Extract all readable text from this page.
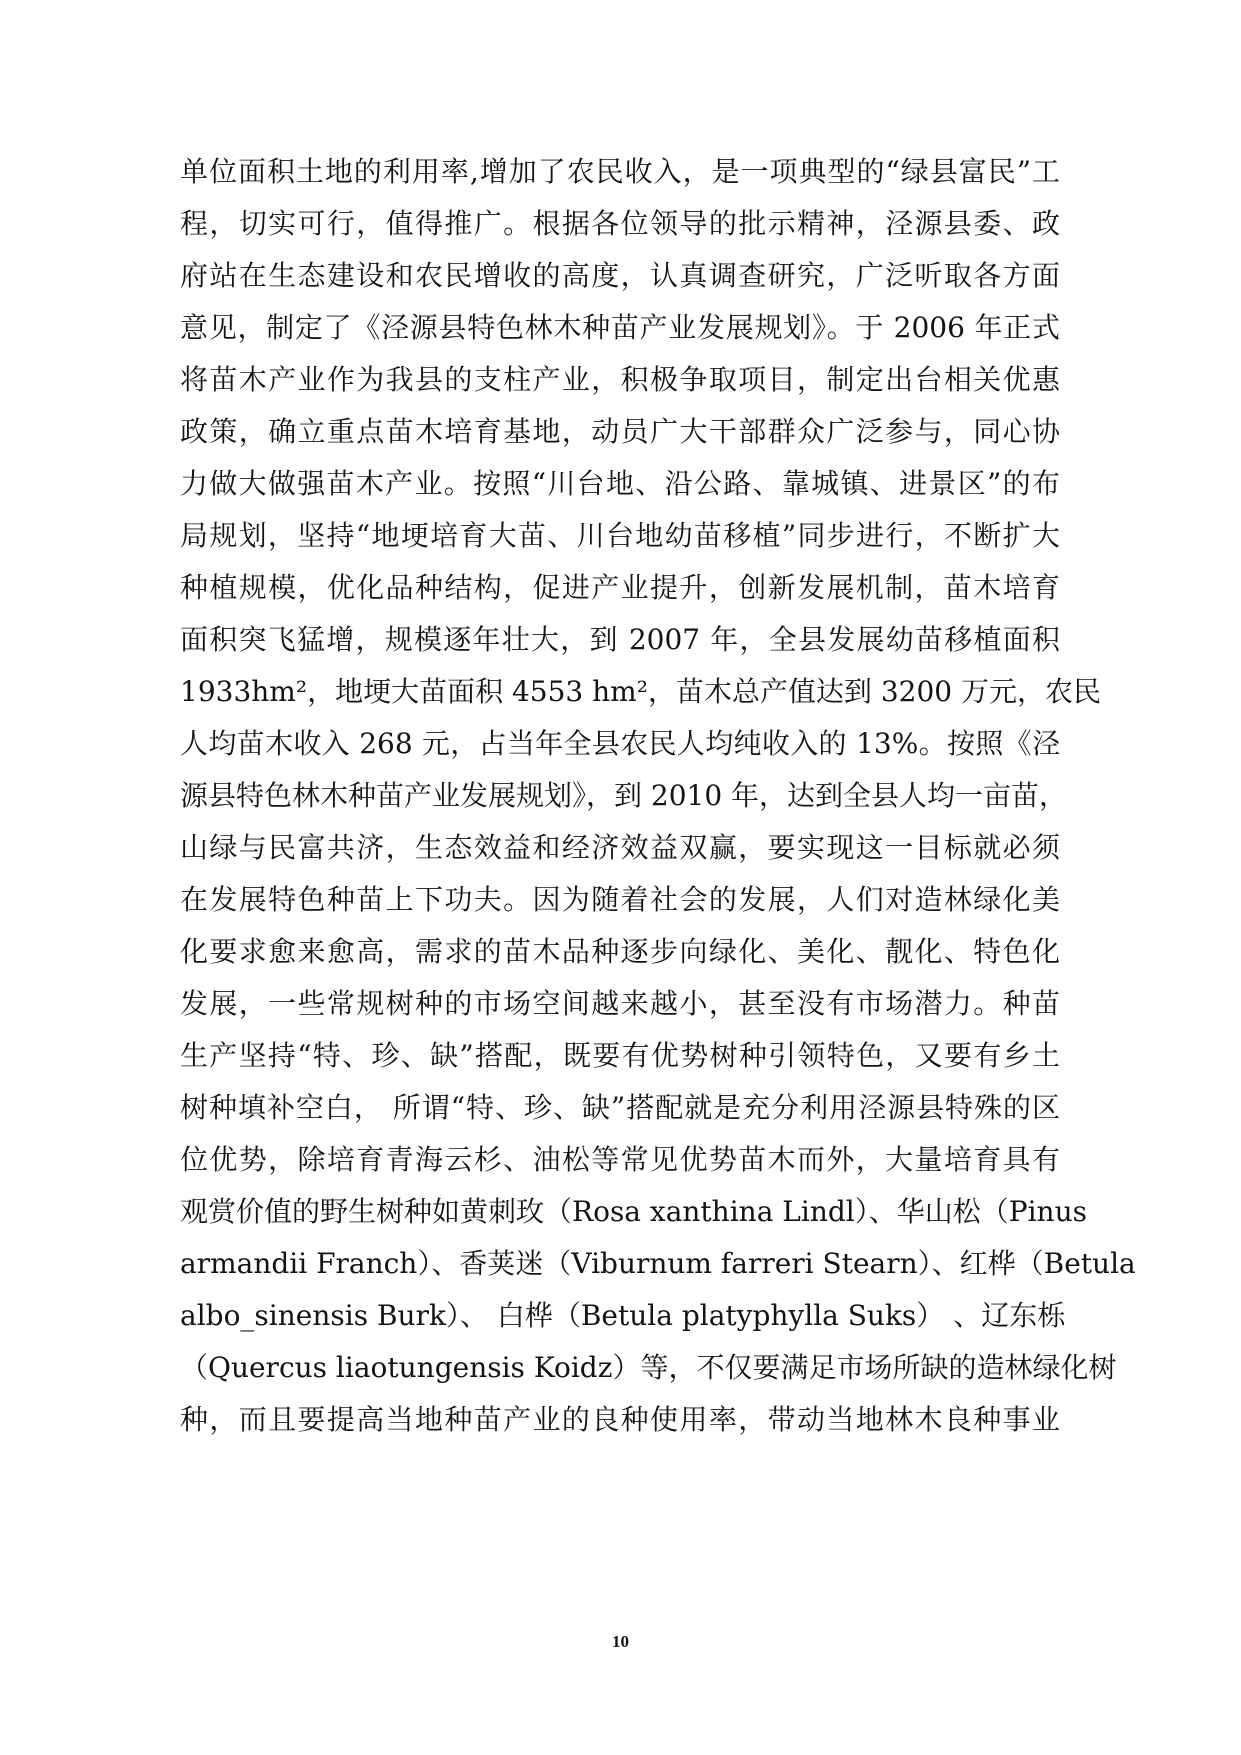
单位面积土地的利用率,增加了农民收入，是一项典型的“绿县富民”工
程，切实可行，值得推广。根据各位领导的批示精神，泾源县委、政
府站在生态建设和农民增收的高度，认真调查研究，广泛听取各方面
意见，制定了《泾源县特色林木种苗产业发展规划》。于 2006 年正式
将苗木产业作为我县的支柱产业，积极争取项目，制定出台相关优惠
政策，确立重点苗木培育基地，动员广大干部群众广泛参与，同心协
力做大做强苗木产业。按照“川台地、沿公路、靠城镇、进景区”的布
局规划，坚持“地埂培育大苗、川台地幼苗移植”同步进行，不断扩大
种植规模，优化品种结构，促进产业提升，创新发展机制，苗木培育
面积突飞猛增，规模逐年壮大，到 2007 年，全县发展幼苗移植面积
1933hm²，地埂大苗面积 4553 hm²，苗木总产值达到 3200 万元，农民
人均苗木收入 268 元，占当年全县农民人均纯收入的 13%。按照《泾
源县特色林木种苗产业发展规划》，到 2010 年，达到全县人均一亩苗，
山绿与民富共济，生态效益和经济效益双赢，要实现这一目标就必须
在发展特色种苗上下功夫。因为随着社会的发展，人们对造林绿化美
化要求愈来愈高，需求的苗木品种逐步向绿化、美化、靓化、特色化
发展，一些常规树种的市场空间越来越小，甚至没有市场潜力。种苗
生产坚持“特、珍、缺”搭配，既要有优势树种引领特色，又要有乡土
树种填补空白， 所谓“特、珍、缺”搭配就是充分利用泾源县特殊的区
位优势，除培育青海云杉、油松等常见优势苗木而外，大量培育具有
观赏价值的野生树种如黄刺玫（Rosa xanthina Lindl）、华山松（Pinus
armandii Franch）、香荚迷（Viburnum farreri Stearn）、红桦（Betula
albo_sinensis Burk）、 白桦（Betula platyphylla Suks） 、辽东栎
（Quercus liaotungensis Koidz）等，不仅要满足市场所缺的造林绿化树
种，而且要提高当地种苗产业的良种使用率，带动当地林木良种事业
10
